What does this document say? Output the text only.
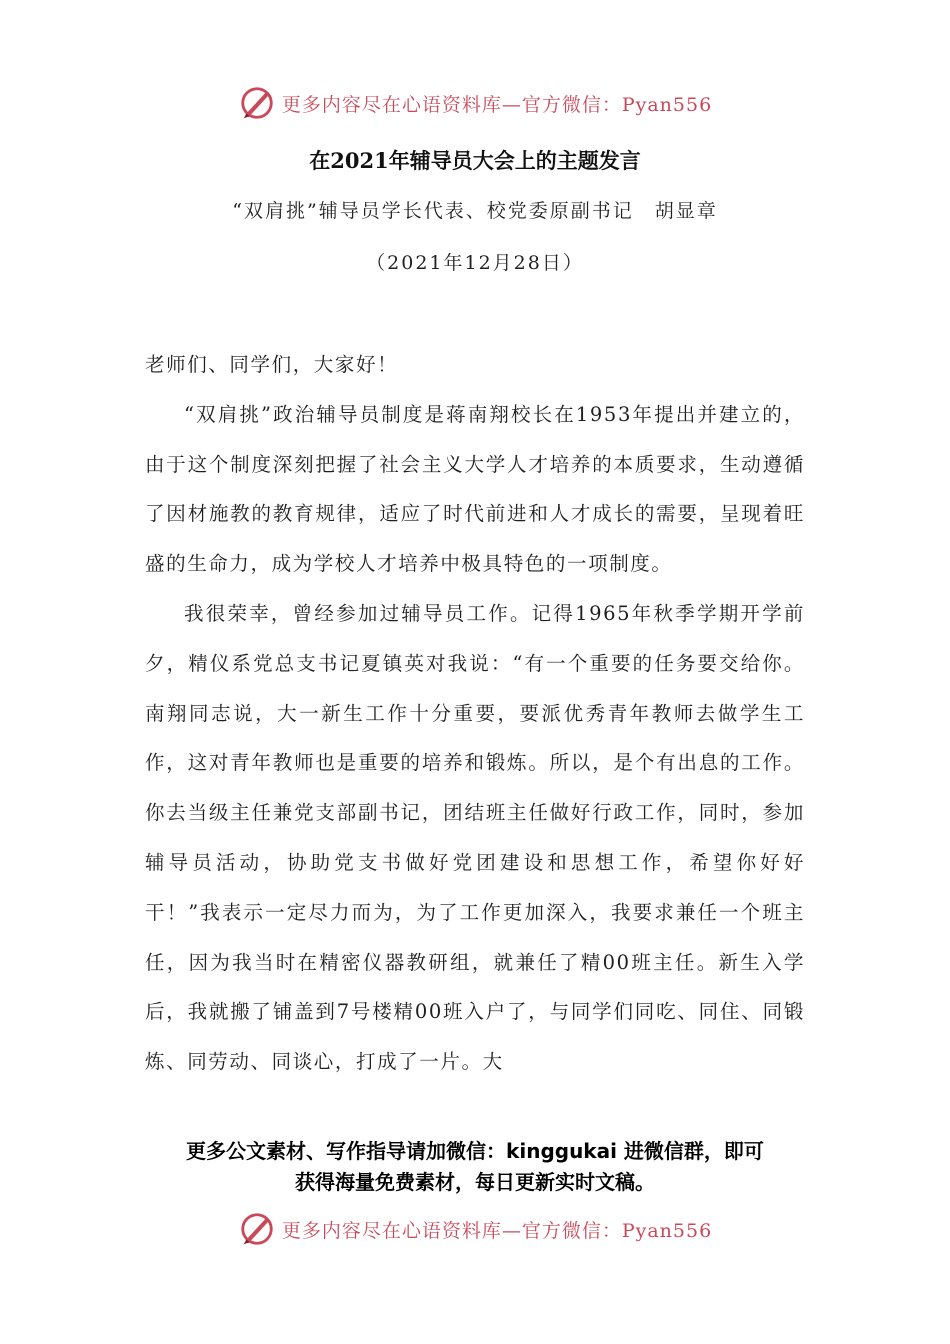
更多内容尽在心语资料库—官方微信：Pyan556
在2021年辅导员大会上的主题发言
“双肩挑”辅导员学长代表、校党委原副书记　胡显章
（2021年12月28日）

老师们、同学们，大家好！

“双肩挑”政治辅导员制度是蒋南翔校长在1953年提出并建立的，由于这个制度深刻把握了社会主义大学人才培养的本质要求，生动遵循了因材施教的教育规律，适应了时代前进和人才成长的需要，呈现着旺盛的生命力，成为学校人才培养中极具特色的一项制度。

我很荣幸，曾经参加过辅导员工作。记得1965年秋季学期开学前夕，精仪系党总支书记夏镇英对我说：“有一个重要的任务要交给你。南翔同志说，大一新生工作十分重要，要派优秀青年教师去做学生工作，这对青年教师也是重要的培养和锻炼。所以，是个有出息的工作。你去当级主任兼党支部副书记，团结班主任做好行政工作，同时，参加辅导员活动，协助党支书做好党团建设和思想工作，希望你好好干！”我表示一定尽力而为，为了工作更加深入，我要求兼任一个班主任，因为我当时在精密仪器教研组，就兼任了精00班主任。新生入学后，我就搬了铺盖到7号楼精00班入户了，与同学们同吃、同住、同锻炼、同劳动、同谈心，打成了一片。大

更多公文素材、写作指导请加微信：kinggukai 进微信群，即可
获得海量免费素材，每日更新实时文稿。
更多内容尽在心语资料库—官方微信：Pyan556
